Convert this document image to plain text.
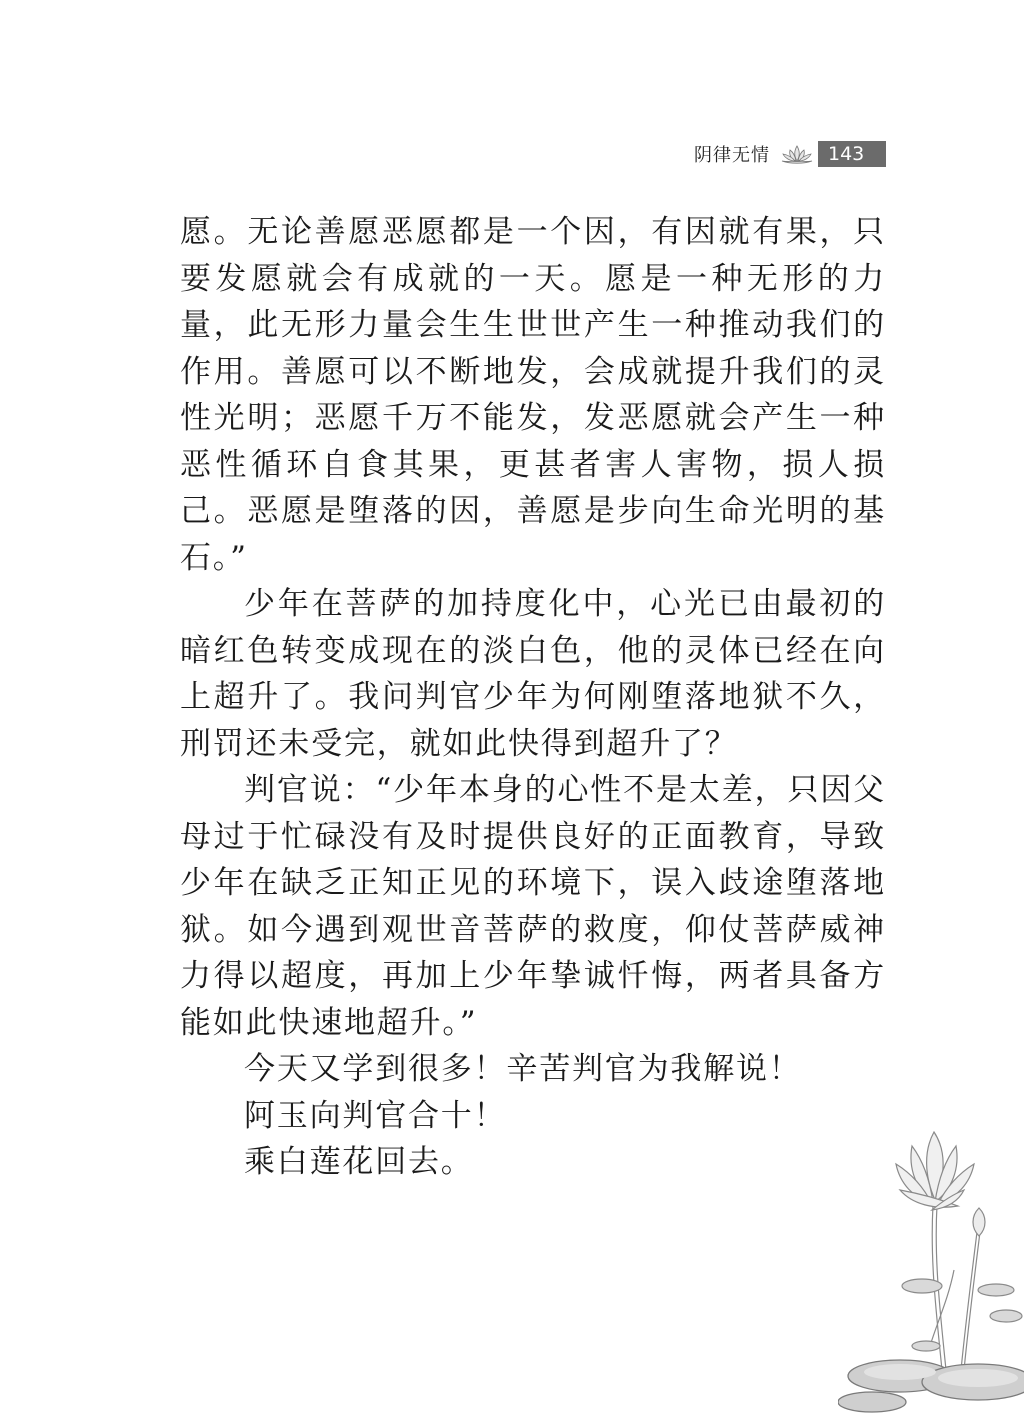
阴律无情	143

愿。无论善愿恶愿都是一个因，有因就有果，只要发愿就会有成就的一天。愿是一种无形的力量，此无形力量会生生世世产生一种推动我们的作用。善愿可以不断地发，会成就提升我们的灵性光明；恶愿千万不能发，发恶愿就会产生一种恶性循环自食其果，更甚者害人害物，损人损己。恶愿是堕落的因，善愿是步向生命光明的基石。”

少年在菩萨的加持度化中，心光已由最初的暗红色转变成现在的淡白色，他的灵体已经在向上超升了。我问判官少年为何刚堕落地狱不久，刑罚还未受完，就如此快得到超升了？

判官说：“少年本身的心性不是太差，只因父母过于忙碌没有及时提供良好的正面教育，导致少年在缺乏正知正见的环境下，误入歧途堕落地狱。如今遇到观世音菩萨的救度，仰仗菩萨威神力得以超度，再加上少年挚诚忏悔，两者具备方能如此快速地超升。”

今天又学到很多！辛苦判官为我解说！

阿玉向判官合十！

乘白莲花回去。
